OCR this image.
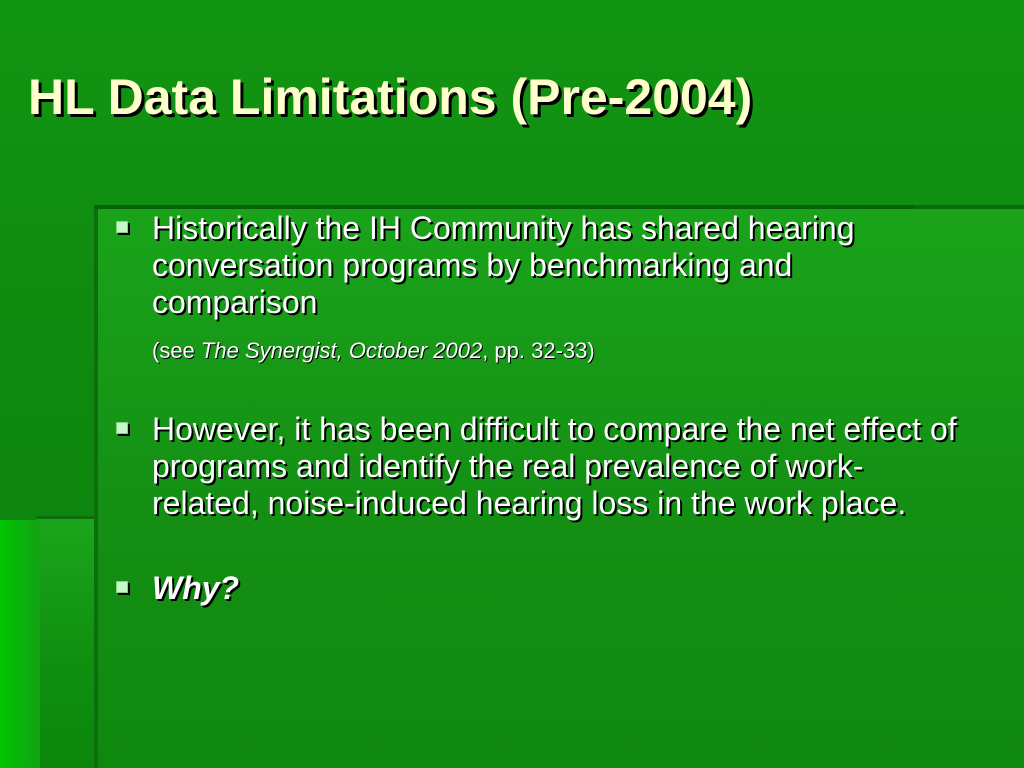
HL Data Limitations (Pre-2004)
Historically the IH Community has shared hearing conversation programs by benchmarking and comparison
(see The Synergist, October 2002, pp. 32-33)
However, it has been difficult to compare the net effect of programs and identify the real prevalence of work-related, noise-induced hearing loss in the work place.
Why?
